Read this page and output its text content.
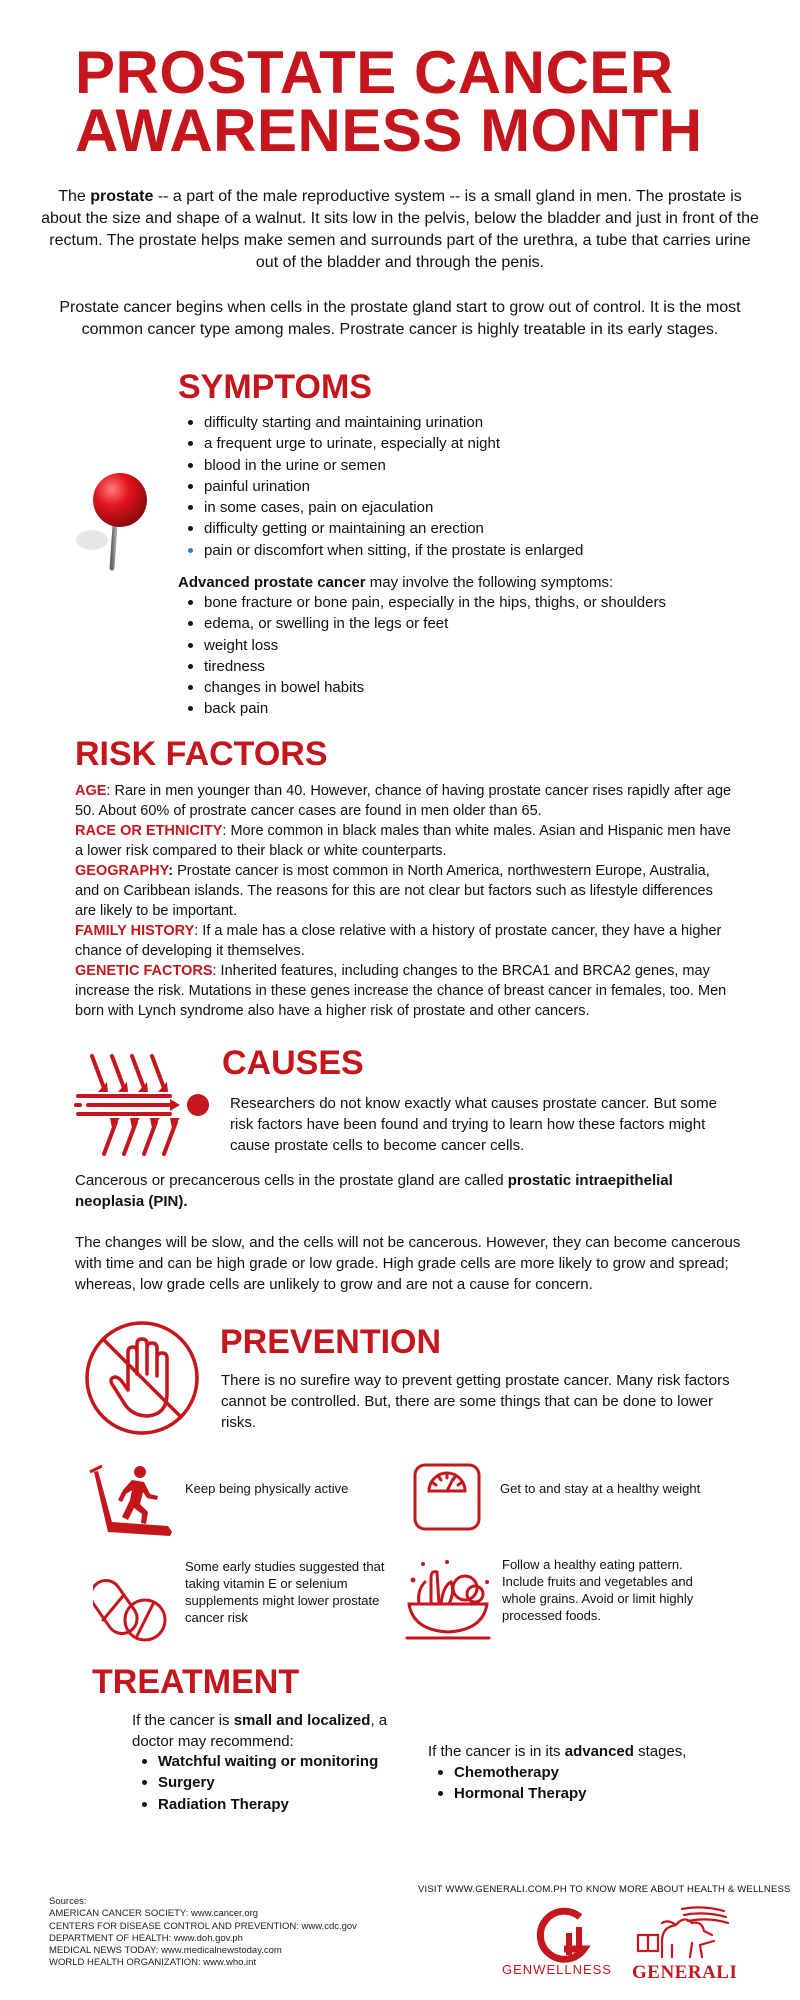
PROSTATE CANCER
AWARENESS MONTH
The prostate -- a part of the male reproductive system -- is a small gland in men. The prostate is about the size and shape of a walnut. It sits low in the pelvis, below the bladder and just in front of the rectum. The prostate helps make semen and surrounds part of the urethra, a tube that carries urine out of the bladder and through the penis.
Prostate cancer begins when cells in the prostate gland start to grow out of control. It is the most common cancer type among males. Prostrate cancer is highly treatable in its early stages.
SYMPTOMS
difficulty starting and maintaining urination
a frequent urge to urinate, especially at night
blood in the urine or semen
painful urination
in some cases, pain on ejaculation
difficulty getting or maintaining an erection
pain or discomfort when sitting, if the prostate is enlarged
Advanced prostate cancer may involve the following symptoms:
bone fracture or bone pain, especially in the hips, thighs, or shoulders
edema, or swelling in the legs or feet
weight loss
tiredness
changes in bowel habits
back pain
RISK FACTORS

AGE: Rare in men younger than 40. However, chance of having prostate cancer rises rapidly after age 50. About 60% of prostrate cancer cases are found in men older than 65.

RACE OR ETHNICITY: More common in black males than white males. Asian and Hispanic men have a lower risk compared to their black or white counterparts.

GEOGRAPHY: Prostate cancer is most common in North America, northwestern Europe, Australia, and on Caribbean islands. The reasons for this are not clear but factors such as lifestyle differences are likely to be important.

FAMILY HISTORY: If a male has a close relative with a history of prostate cancer, they have a higher chance of developing it themselves.

GENETIC FACTORS: Inherited features, including changes to the BRCA1 and BRCA2 genes, may increase the risk. Mutations in these genes increase the chance of breast cancer in females, too. Men born with Lynch syndrome also have a higher risk of prostate and other cancers.

CAUSES
Researchers do not know exactly what causes prostate cancer. But some risk factors have been found and trying to learn how these factors might cause prostate cells to become cancer cells.
Cancerous or precancerous cells in the prostate gland are called prostatic intraepithelial neoplasia (PIN).
The changes will be slow, and the cells will not be cancerous. However, they can become cancerous with time and can be high grade or low grade. High grade cells are more likely to grow and spread; whereas, low grade cells are unlikely to grow and are not a cause for concern.
PREVENTION
There is no surefire way to prevent getting prostate cancer. Many risk factors cannot be controlled. But, there are some things that can be done to lower risks.
Keep being physically active	Get to and stay at a healthy weight
Some early studies suggested that taking vitamin E or selenium supplements might lower prostate cancer risk
Follow a healthy eating pattern. Include fruits and vegetables and whole grains. Avoid or limit highly processed foods.
TREATMENT
If the cancer is small and localized, a doctor may recommend:
Watchful waiting or monitoring
Surgery
Radiation Therapy
If the cancer is in its advanced stages,
Chemotherapy
Hormonal Therapy
VISIT WWW.GENERALI.COM.PH TO KNOW MORE ABOUT HEALTH & WELLNESS
Sources:
AMERICAN CANCER SOCIETY: www.cancer.org
CENTERS FOR DISEASE CONTROL AND PREVENTION: www.cdc.gov
DEPARTMENT OF HEALTH: www.doh.gov.ph
MEDICAL NEWS TODAY: www.medicalnewstoday.com
WORLD HEALTH ORGANIZATION: www.who.int	GENWELLNESS GENERALI
